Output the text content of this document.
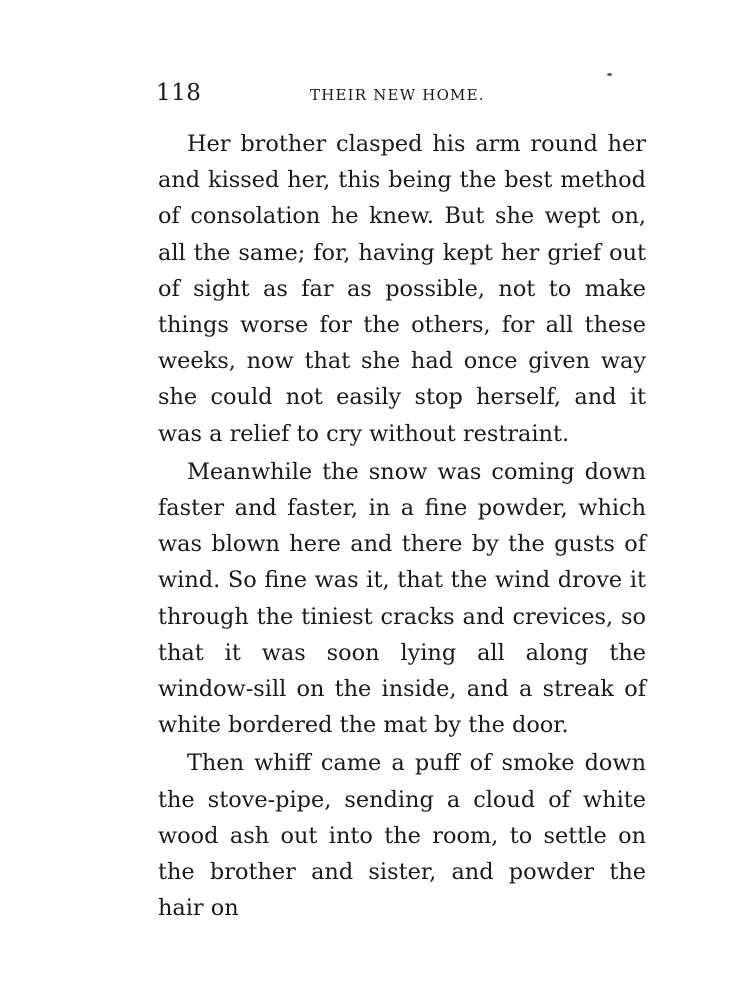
118	THEIR NEW HOME.

Her brother clasped his arm round her and kissed her, this being the best method of consolation he knew. But she wept on, all the same; for, having kept her grief out of sight as far as possible, not to make things worse for the others, for all these weeks, now that she had once given way she could not easily stop herself, and it was a relief to cry without restraint.

Meanwhile the snow was coming down faster and faster, in a fine powder, which was blown here and there by the gusts of wind. So fine was it, that the wind drove it through the tiniest cracks and crevices, so that it was soon lying all along the window-sill on the inside, and a streak of white bordered the mat by the door.

Then whiff came a puff of smoke down the stove-pipe, sending a cloud of white wood ash out into the room, to settle on the brother and sister, and powder the hair on
